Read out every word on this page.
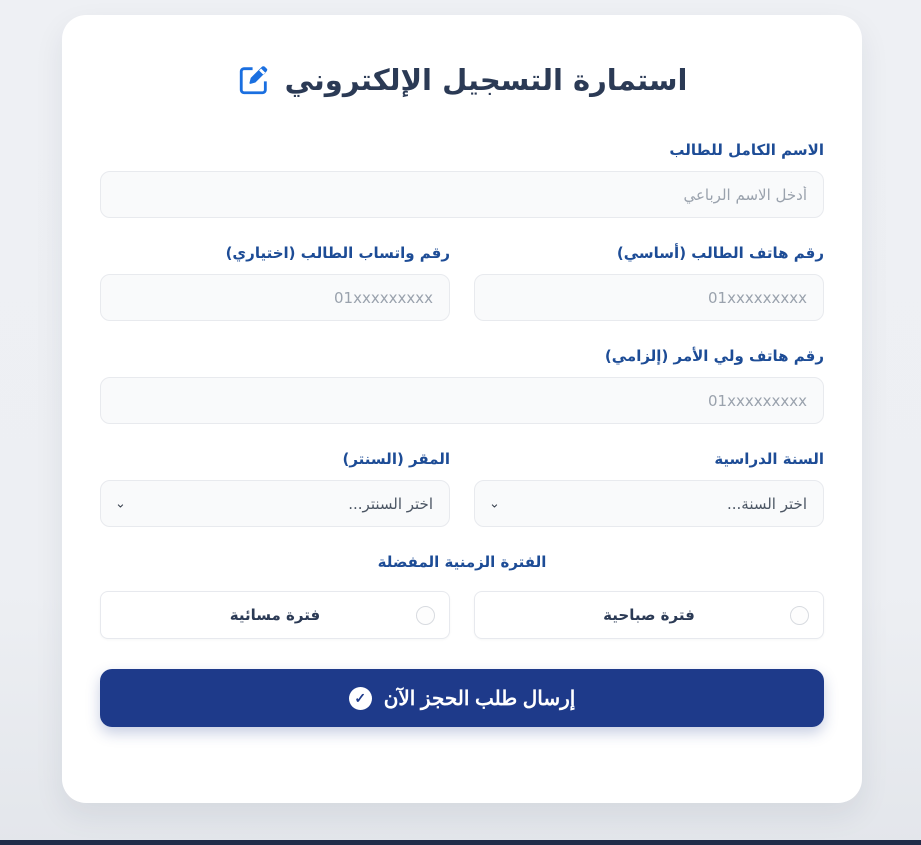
استمارة التسجيل الإلكتروني
الاسم الكامل للطالب
أدخل الاسم الرباعي
رقم هاتف الطالب (أساسي)
01xxxxxxxxx
رقم واتساب الطالب (اختياري)
01xxxxxxxxx
رقم هاتف ولي الأمر (إلزامي)
01xxxxxxxxx
السنة الدراسية
اختر السنة...
⌄
المقر (السنتر)
اختر السنتر...
⌄
الفترة الزمنية المفضلة
فترة صباحية
فترة مسائية
إرسال طلب الحجز الآن
✓
